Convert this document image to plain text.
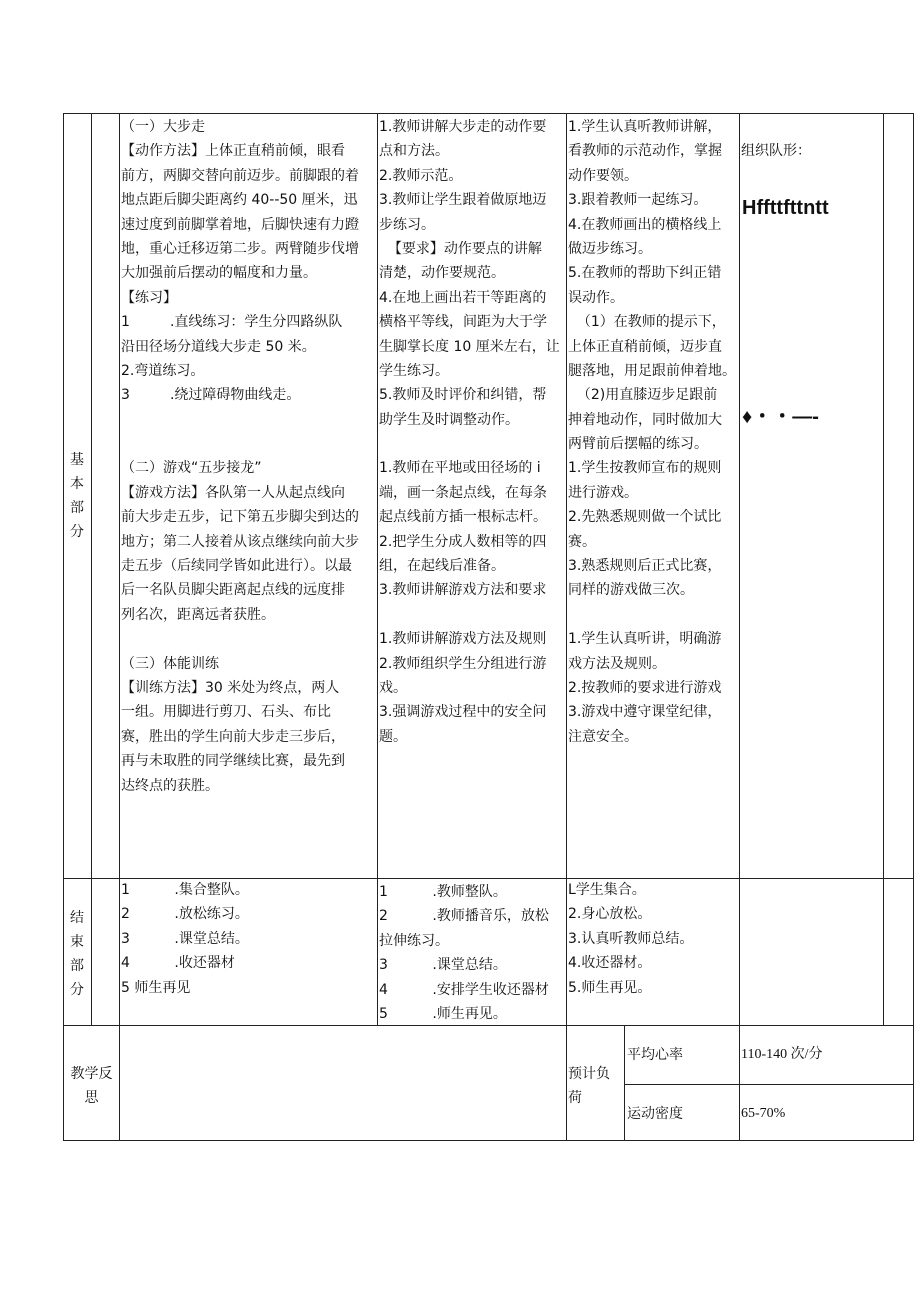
基本部分
结束部分
（一）大步走
【动作方法】上体正直稍前倾，眼看
前方，两脚交替向前迈步。前脚跟的着
地点距后脚尖距离约 40--50 厘米，迅
速过度到前脚掌着地，后脚快速有力蹬
地，重心迁移迈第二步。两臂随步伐增
大加强前后摆动的幅度和力量。
【练习】
1         .直线练习：学生分四路纵队
沿田径场分道线大步走 50 米。
2.弯道练习。
3         .绕过障碍物曲线走。
（二）游戏“五步接龙”
【游戏方法】各队第一人从起点线向
前大步走五步，记下第五步脚尖到达的
地方；第二人接着从该点继续向前大步
走五步（后续同学皆如此进行）。以最
后一名队员脚尖距离起点线的远度排
列名次，距离远者获胜。
（三）体能训练
【训练方法】30 米处为终点，两人
一组。用脚进行剪刀、石头、布比
赛，胜出的学生向前大步走三步后，
再与未取胜的同学继续比赛，最先到
达终点的获胜。
1.教师讲解大步走的动作要
点和方法。
2.教师示范。
3.教师让学生跟着做原地迈
步练习。
【要求】动作要点的讲解
清楚，动作要规范。
4.在地上画出若干等距离的
横格平等线，间距为大于学
生脚掌长度 10 厘米左右，让
学生练习。
5.教师及时评价和纠错，帮
助学生及时调整动作。
1.教师在平地或田径场的 i
端，画一条起点线，在每条
起点线前方插一根标志杆。
2.把学生分成人数相等的四
组，在起线后准备。
3.教师讲解游戏方法和要求
1.教师讲解游戏方法及规则
2.教师组织学生分组进行游
戏。
3.强调游戏过程中的安全问
题。
1.学生认真听教师讲解，
看教师的示范动作，掌握
动作要领。
3.跟着教师一起练习。
4.在教师画出的横格线上
做迈步练习。
5.在教师的帮助下纠正错
误动作。
（1）在教师的提示下，
上体正直稍前倾，迈步直
腿落地，用足跟前伸着地。
（2)用直膝迈步足跟前
抻着地动作，同时做加大
两臂前后摆幅的练习。
1.学生按教师宣布的规则
进行游戏。
2.先熟悉规则做一个试比
赛。
3.熟悉规则后正式比赛，
同样的游戏做三次。
1.学生认真听讲，明确游
戏方法及规则。
2.按教师的要求进行游戏
3.游戏中遵守课堂纪律，
注意安全。
组织队形：
Hffttfttntt
♦・・—-
1          .集合整队。
2          .放松练习。
3          .课堂总结。
4          .收还器材
5 师生再见
1          .教师整队。
2          .教师播音乐，放松
拉伸练习。
3          .课堂总结。
4          .安排学生收还器材
5          .师生再见。
L学生集合。
2.身心放松。
3.认真听教师总结。
4.收还器材。
5.师生再见。
教学反思
预计负荷
平均心率	110-140 次/分
运动密度	65-70%
